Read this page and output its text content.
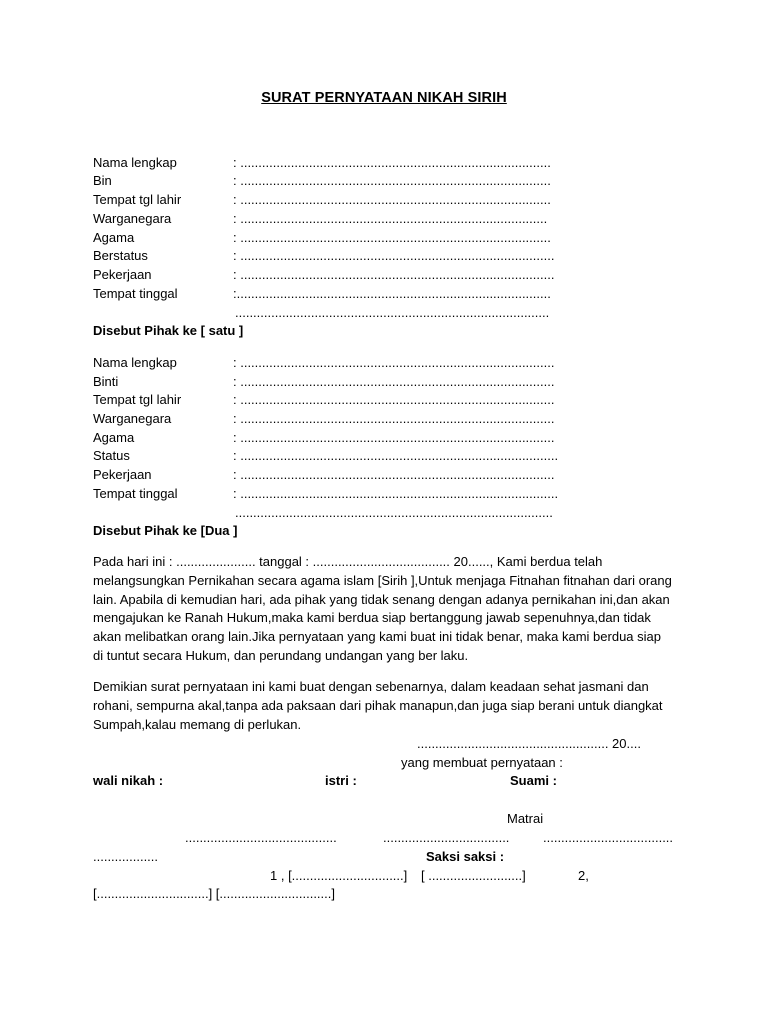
SURAT PERNYATAAN NIKAH SIRIH
Nama lengkap	: ......................................................................................
Bin	: ......................................................................................
Tempat tgl lahir	: ......................................................................................
Warganegara	: .....................................................................................
Agama	: ......................................................................................
Berstatus	: .......................................................................................
Pekerjaan	: .......................................................................................
Tempat tinggal	:.......................................................................................
.......................................................................................
Disebut Pihak ke [ satu ]
Nama lengkap	: .......................................................................................
Binti	: .......................................................................................
Tempat tgl lahir	: .......................................................................................
Warganegara	: .......................................................................................
Agama	: .......................................................................................
Status	: ........................................................................................
Pekerjaan	: .......................................................................................
Tempat tinggal	: ........................................................................................
........................................................................................
Disebut Pihak ke [Dua ]
Pada hari ini : ...................... tanggal : ...................................... 20......, Kami berdua telah
melangsungkan Pernikahan secara agama islam [Sirih ],Untuk menjaga Fitnahan fitnahan dari orang
lain. Apabila di kemudian hari, ada pihak yang tidak senang dengan adanya pernikahan ini,dan akan
mengajukan ke Ranah Hukum,maka kami berdua siap bertanggung jawab sepenuhnya,dan tidak
akan melibatkan orang lain.Jika pernyataan yang kami buat ini tidak benar, maka kami berdua siap
di tuntut secara Hukum, dan perundang undangan yang ber laku.
Demikian surat pernyataan ini kami buat dengan sebenarnya, dalam keadaan sehat jasmani dan
rohani, sempurna akal,tanpa ada paksaan dari pihak manapun,dan juga siap berani untuk diangkat
Sumpah,kalau memang di perlukan.
..................................................... 20....
yang membuat pernyataan :
wali nikah :	istri :	Suami :
Matrai
..........................................	...................................	....................................
..................	Saksi saksi :
1 , [...............................] [ ..........................]	2,
[...............................] [...............................]
